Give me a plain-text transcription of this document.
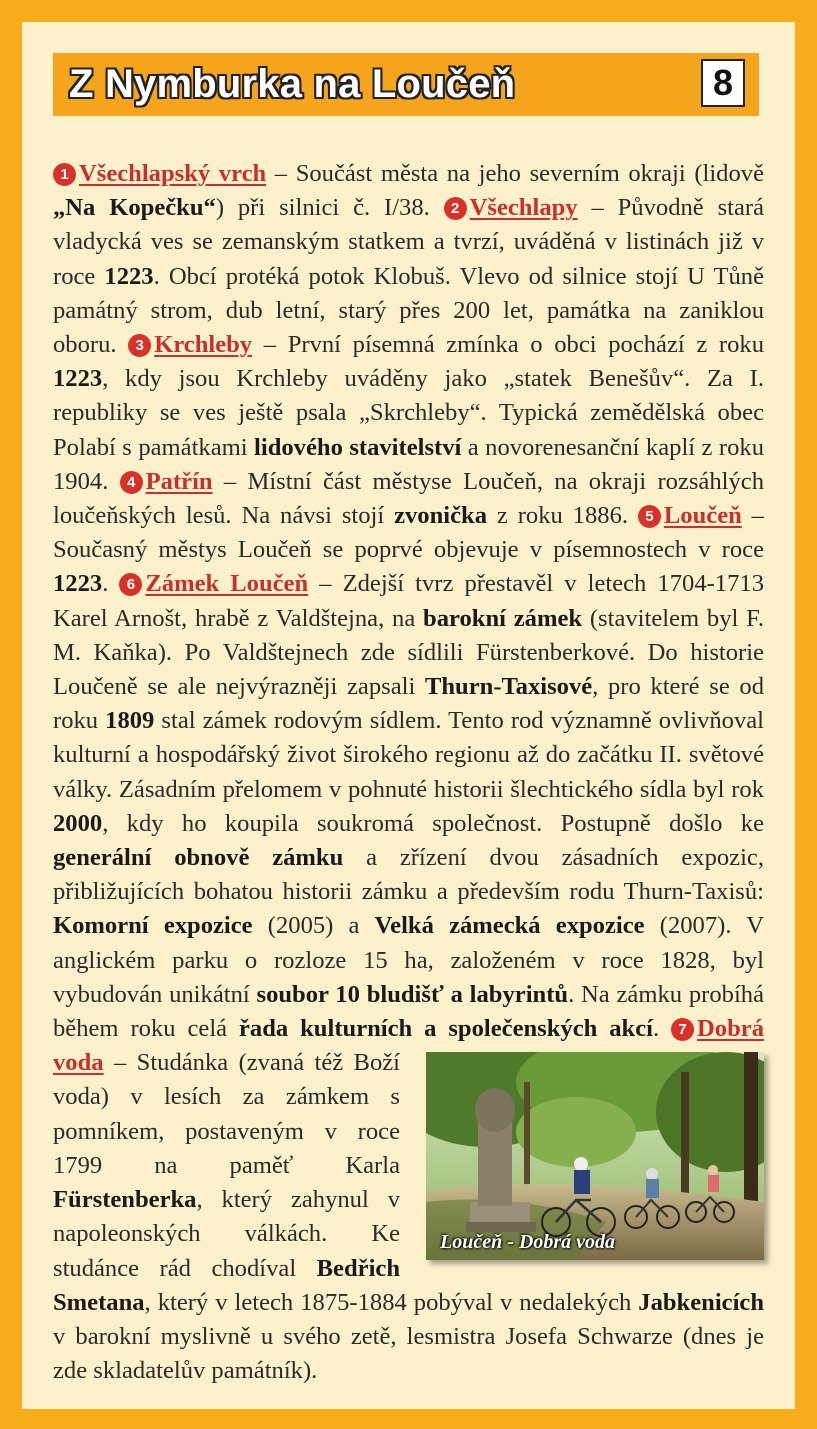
Z Nymburka na Loučeň	8
1 Všechlapský vrch – Součást města na jeho severním okraji (lidově „Na Kopečku“) při silnici č. I/38. 2 Všechlapy – Původně stará vladycká ves se zemanským statkem a tvrzí, uváděná v listinách již v roce 1223. Obcí protéká potok Klobuš. Vlevo od silnice stojí U Tůně památný strom, dub letní, starý přes 200 let, památka na zaniklou oboru. 3 Krchleby – První písemná zmínka o obci pochází z roku 1223, kdy jsou Krchleby uváděny jako „statek Benešův“. Za I. republiky se ves ještě psala „Skrchleby“. Typická zemědělská obec Polabí s památkami lidového stavitelství a novorenesanční kaplí z roku 1904. 4 Patřín – Místní část městyse Loučeň, na okraji rozsáhlých loučeňských lesů. Na návsi stojí zvonička z roku 1886. 5 Loučeň – Současný městys Loučeň se poprvé objevuje v písemnostech v roce 1223. 6 Zámek Loučeň – Zdejší tvrz přestavěl v letech 1704-1713 Karel Arnošt, hrabě z Valdštejna, na barokní zámek (stavitelem byl F. M. Kaňka). Po Valdštejnech zde sídlili Fürstenberkové. Do historie Loučeně se ale nejvýrazněji zapsali Thurn-Taxisové, pro které se od roku 1809 stal zámek rodovým sídlem. Tento rod významně ovlivňoval kulturní a hospodářský život širokého regionu až do začátku II. světové války. Zásadním přelomem v pohnuté historii šlechtického sídla byl rok 2000, kdy ho koupila soukromá společnost. Postupně došlo ke generální obnově zámku a zřízení dvou zásadních expozic, přibližujících bohatou historii zámku a především rodu Thurn-Taxisů: Komorní expozice (2005) a Velká zámecká expozice (2007). V anglickém parku o rozloze 15 ha, založeném v roce 1828, byl vybudován unikátní soubor 10 bludišť a labyrintů. Na zámku probíhá během roku celá řada kulturních a společenských akcí. 7 Dobrá voda
Loučeň - Dobrá voda
– Studánka (zvaná též Boží voda) v lesích za zámkem s pomníkem, postaveným v roce 1799 na paměť Karla Fürstenberka, který zahynul v napoleonských válkách. Ke studánce rád chodíval Bedřich Smetana, který v letech 1875-1884 pobýval v nedalekých Jabkenicích v barokní myslivně u svého zetě, lesmistra Josefa Schwarze (dnes je zde skladatelův památník).
